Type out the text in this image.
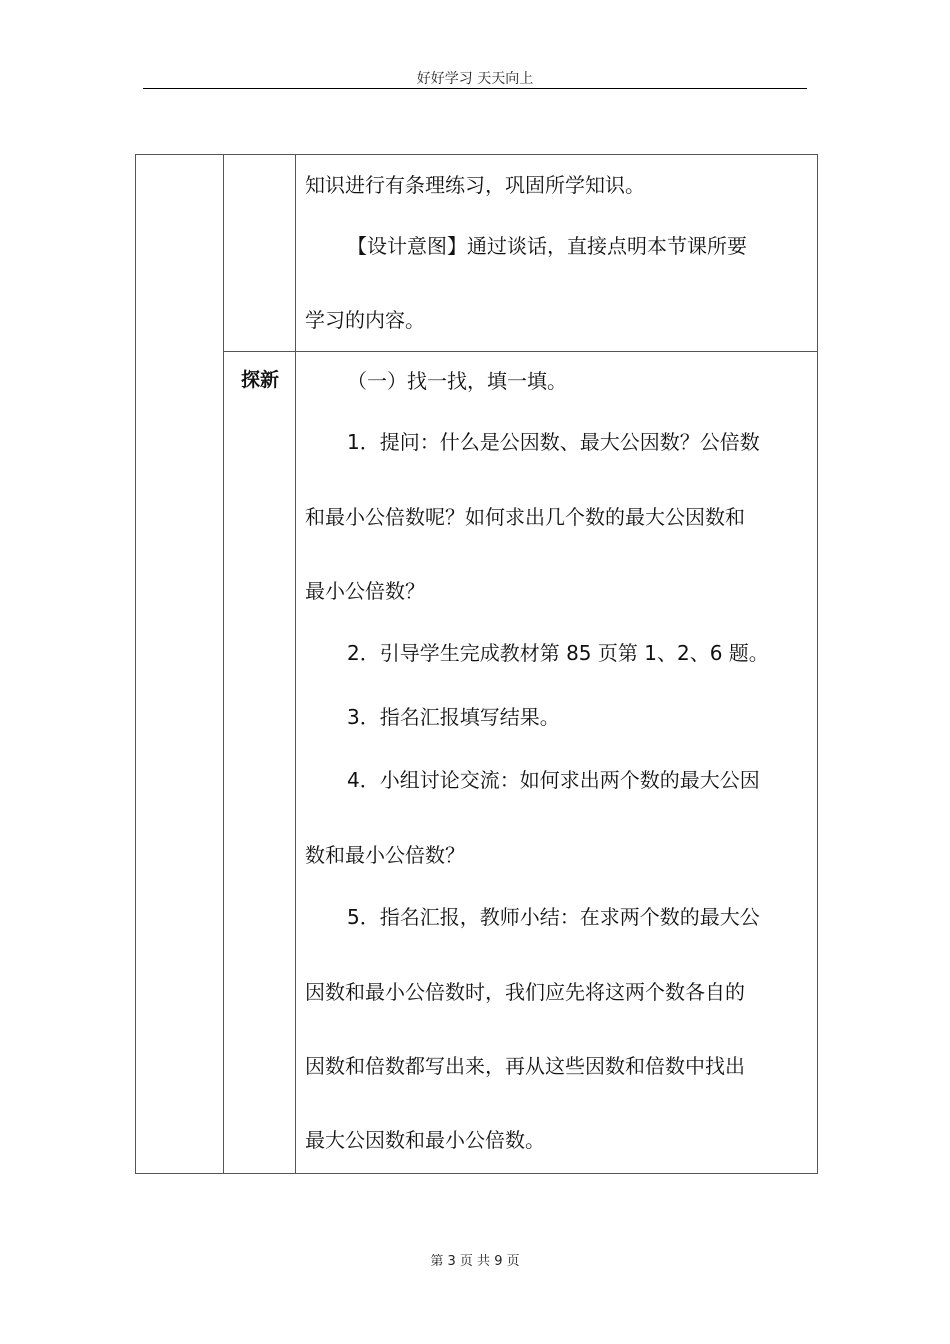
好好学习 天天向上
探新
知识进行有条理练习，巩固所学知识。
【设计意图】通过谈话，直接点明本节课所要
学习的内容。
（一）找一找，填一填。
1．提问：什么是公因数、最大公因数？公倍数
和最小公倍数呢？如何求出几个数的最大公因数和
最小公倍数？
2．引导学生完成教材第 85 页第 1、2、6 题。
3．指名汇报填写结果。
4．小组讨论交流：如何求出两个数的最大公因
数和最小公倍数？
5．指名汇报，教师小结：在求两个数的最大公
因数和最小公倍数时，我们应先将这两个数各自的
因数和倍数都写出来，再从这些因数和倍数中找出
最大公因数和最小公倍数。
第 3 页 共 9 页
